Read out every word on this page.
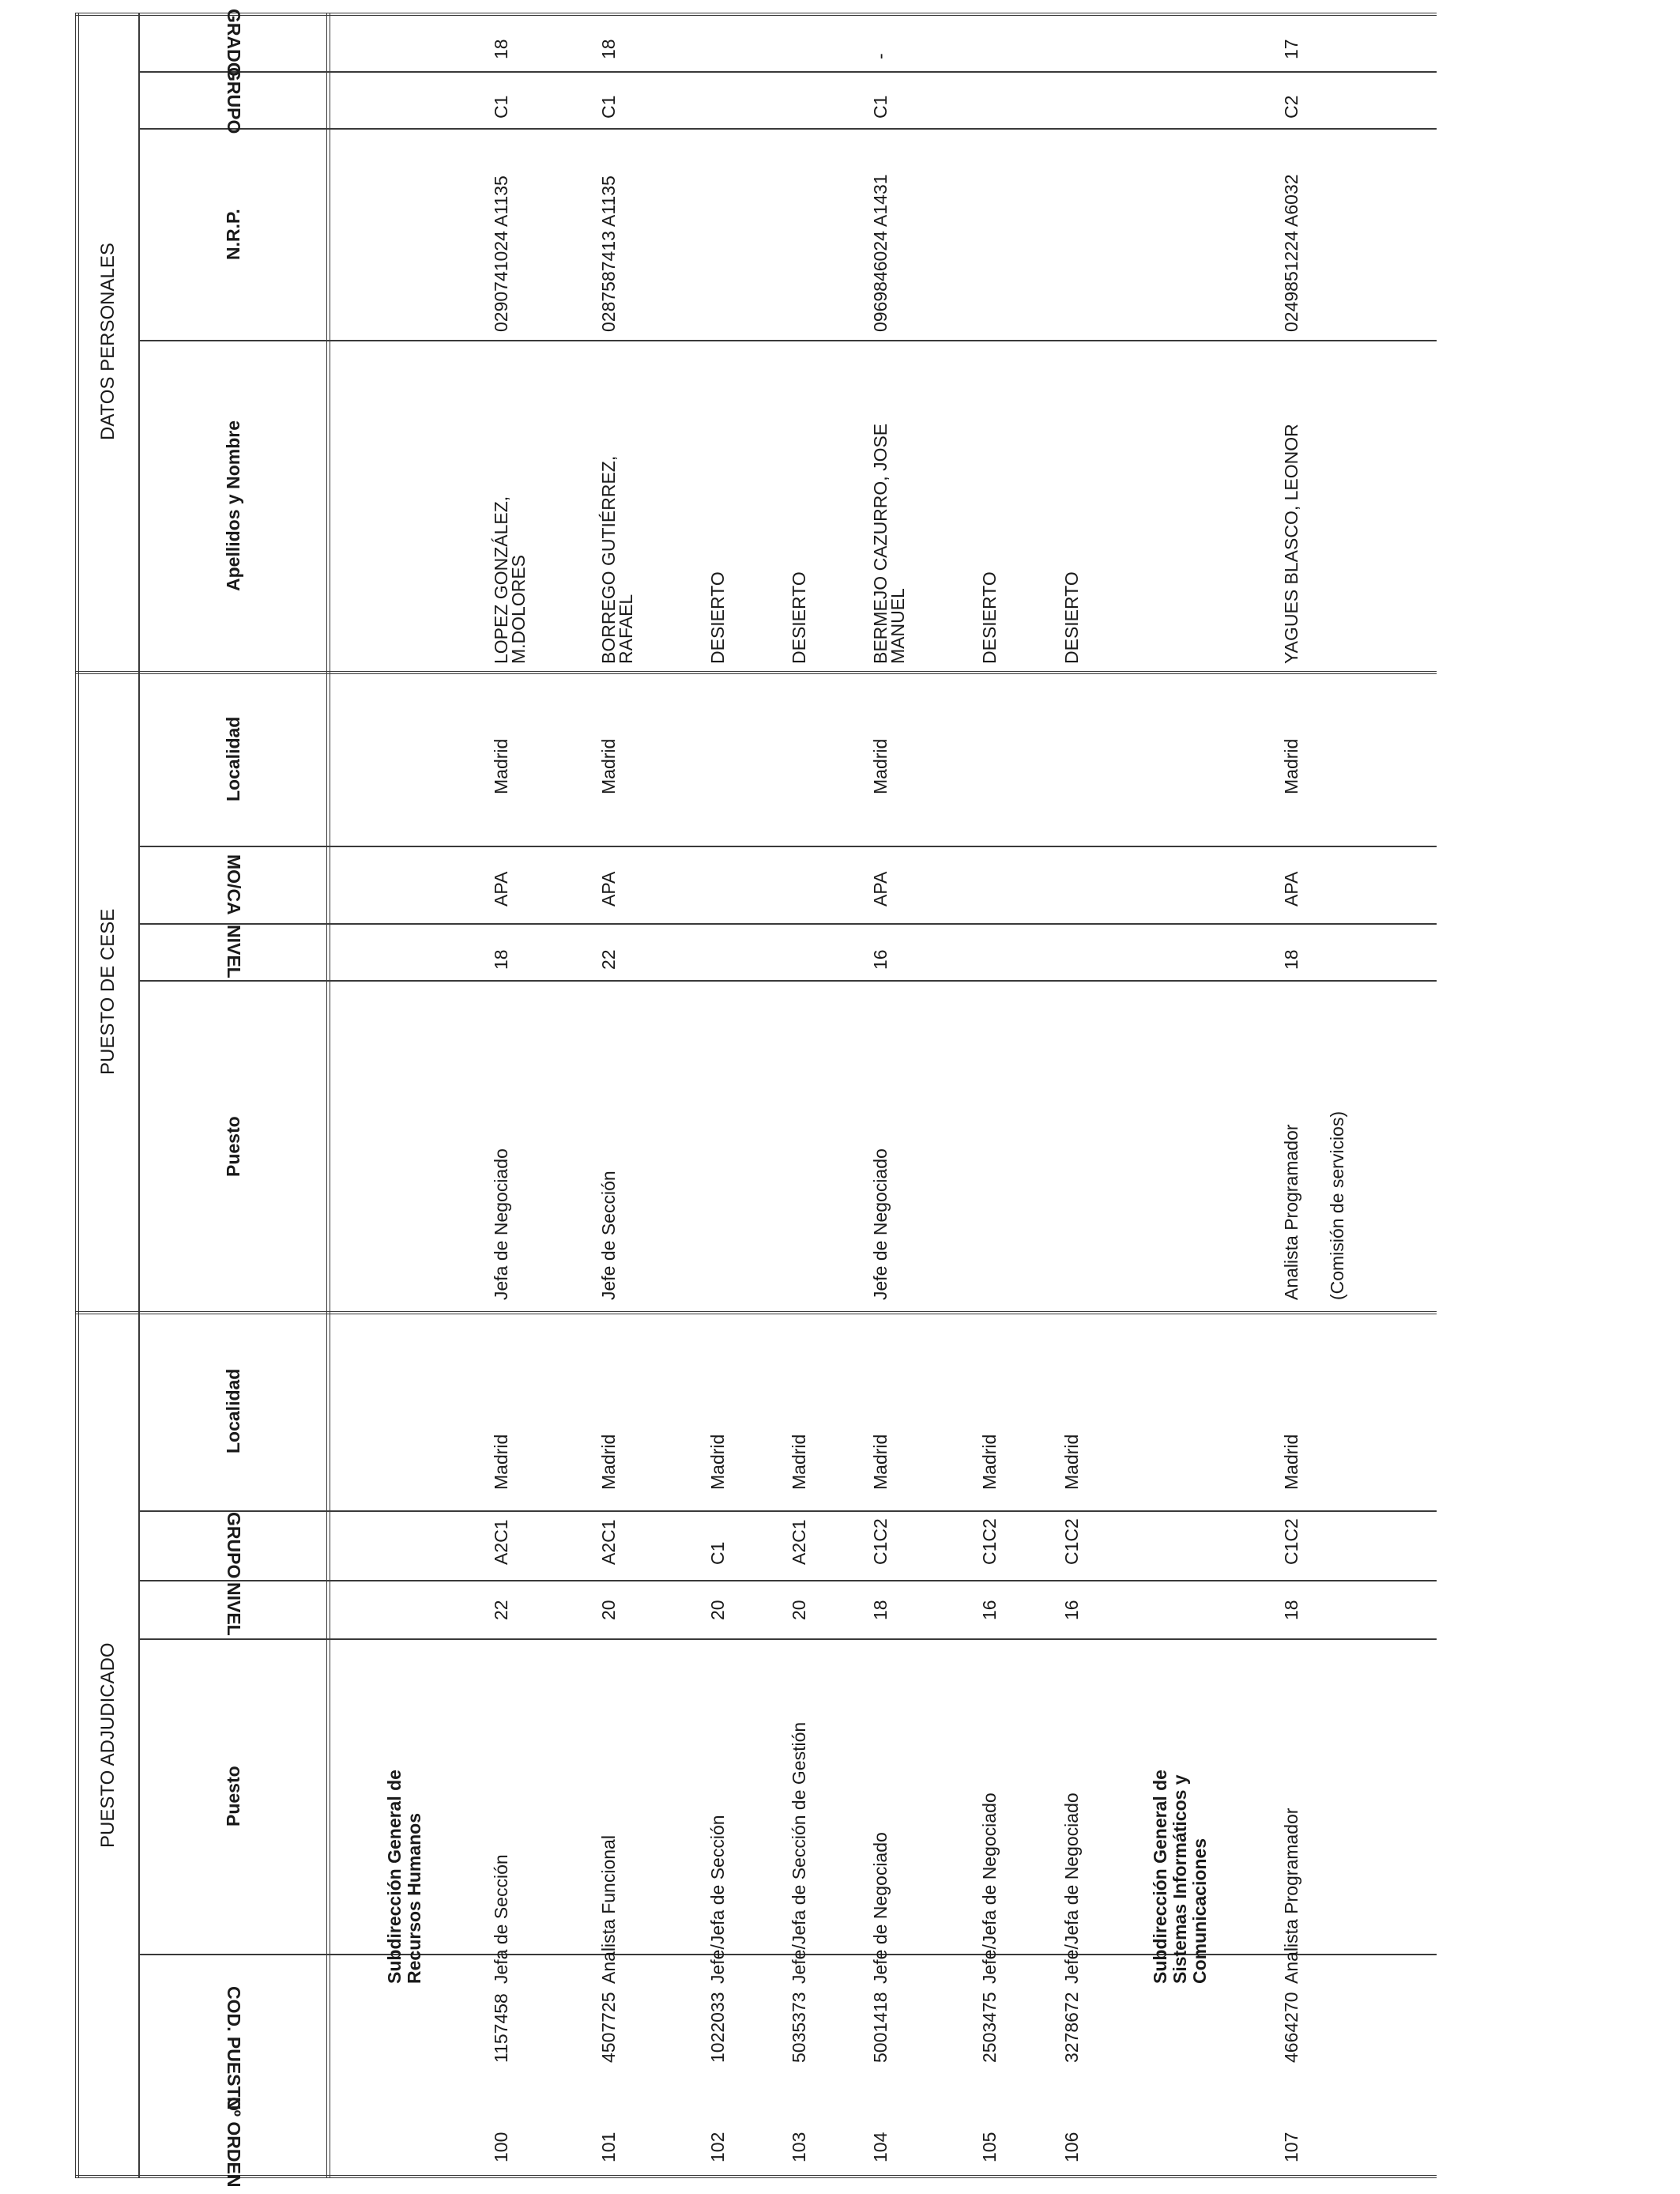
DATOS PERSONALES
PUESTO DE CESE
PUESTO ADJUDICADO
GRADO
GRUPO
N.R.P.
Apellidos y Nombre
Localidad
MO/CA
NIVEL
Puesto
Localidad
GRUPO
NIVEL
Puesto
COD. PUESTO
Nº ORDEN
Subdirección General de Recursos Humanos	Subdirección General de Sistemas Informáticos y Comunicaciones
100
1157458
Jefa de Sección
22
A2C1
Madrid
Jefa de Negociado
18
APA
Madrid
LOPEZ GONZÁLEZ,
M.DOLORES
0290741024 A1135
C1
18
101
4507725
Analista Funcional
20
A2C1
Madrid
Jefe de Sección
22
APA
Madrid
BORREGO GUTIÉRREZ,
RAFAEL
0287587413 A1135
C1
18
102
1022033
Jefe/Jefa de Sección
20
C1
Madrid
DESIERTO
103
5035373
Jefe/Jefa de Sección de Gestión
20
A2C1
Madrid
DESIERTO
104
5001418
Jefe de Negociado
18
C1C2
Madrid
Jefe de Negociado
16
APA
Madrid
BERMEJO CAZURRO, JOSE
MANUEL
0969846024 A1431
C1
-
105
2503475
Jefe/Jefa de Negociado
16
C1C2
Madrid
DESIERTO
106
3278672
Jefe/Jefa de Negociado
16
C1C2
Madrid
DESIERTO
107
4664270
Analista Programador
18
C1C2
Madrid
Analista Programador (Comisión de servicios)
18
APA
Madrid
YAGUES BLASCO, LEONOR
0249851224 A6032
C2
17
